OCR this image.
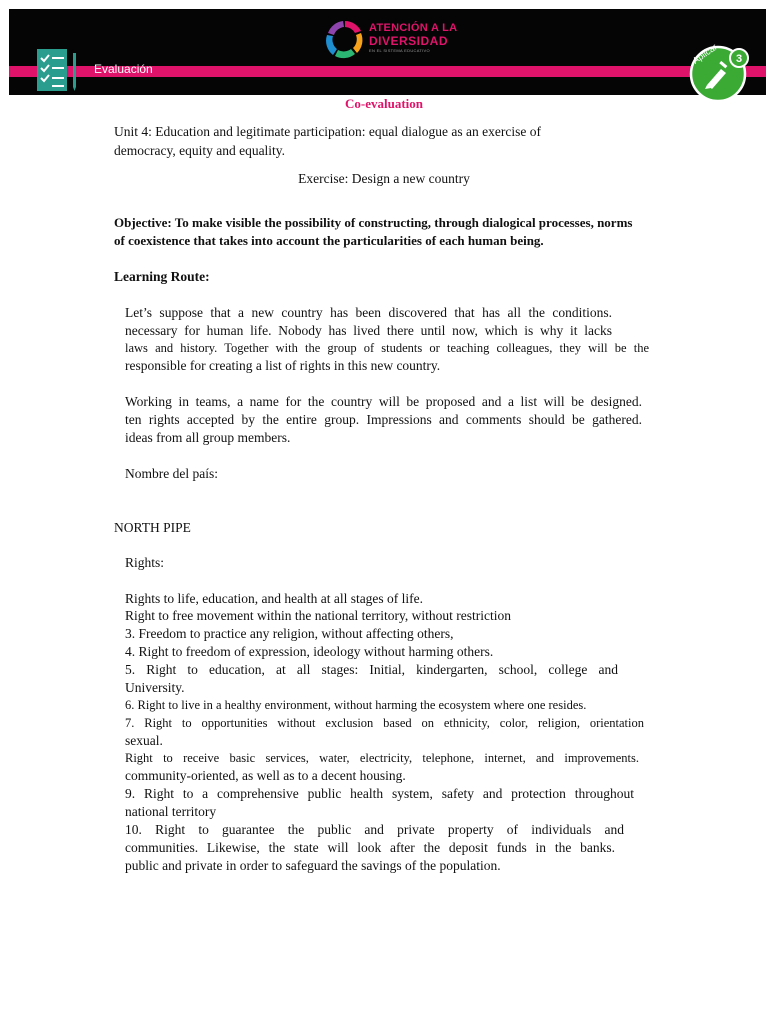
Evaluación
ATENCIÓN A LA
DIVERSIDAD
EN EL SISTEMA EDUCATIVO	Aplicar 3
Co-evaluation

Unit 4: Education and legitimate participation: equal dialogue as an exercise of

democracy, equity and equality.

Exercise: Design a new country

Objective: To make visible the possibility of constructing, through dialogical processes, norms

of coexistence that takes into account the particularities of each human being.

Learning Route:

Let’s suppose that a new country has been discovered that has all the conditions.

necessary for human life. Nobody has lived there until now, which is why it lacks

laws and history. Together with the group of students or teaching colleagues, they will be the

responsible for creating a list of rights in this new country.

Working in teams, a name for the country will be proposed and a list will be designed.

ten rights accepted by the entire group. Impressions and comments should be gathered.

ideas from all group members.

Nombre del país:

NORTH PIPE

Rights:

Rights to life, education, and health at all stages of life.

Right to free movement within the national territory, without restriction

3. Freedom to practice any religion, without affecting others,

4. Right to freedom of expression, ideology without harming others.

5. Right to education, at all stages: Initial, kindergarten, school, college and

University.

6. Right to live in a healthy environment, without harming the ecosystem where one resides.

7. Right to opportunities without exclusion based on ethnicity, color, religion, orientation

sexual.

Right to receive basic services, water, electricity, telephone, internet, and improvements.

community-oriented, as well as to a decent housing.

9. Right to a comprehensive public health system, safety and protection throughout

national territory

10. Right to guarantee the public and private property of individuals and

communities. Likewise, the state will look after the deposit funds in the banks.

public and private in order to safeguard the savings of the population.
